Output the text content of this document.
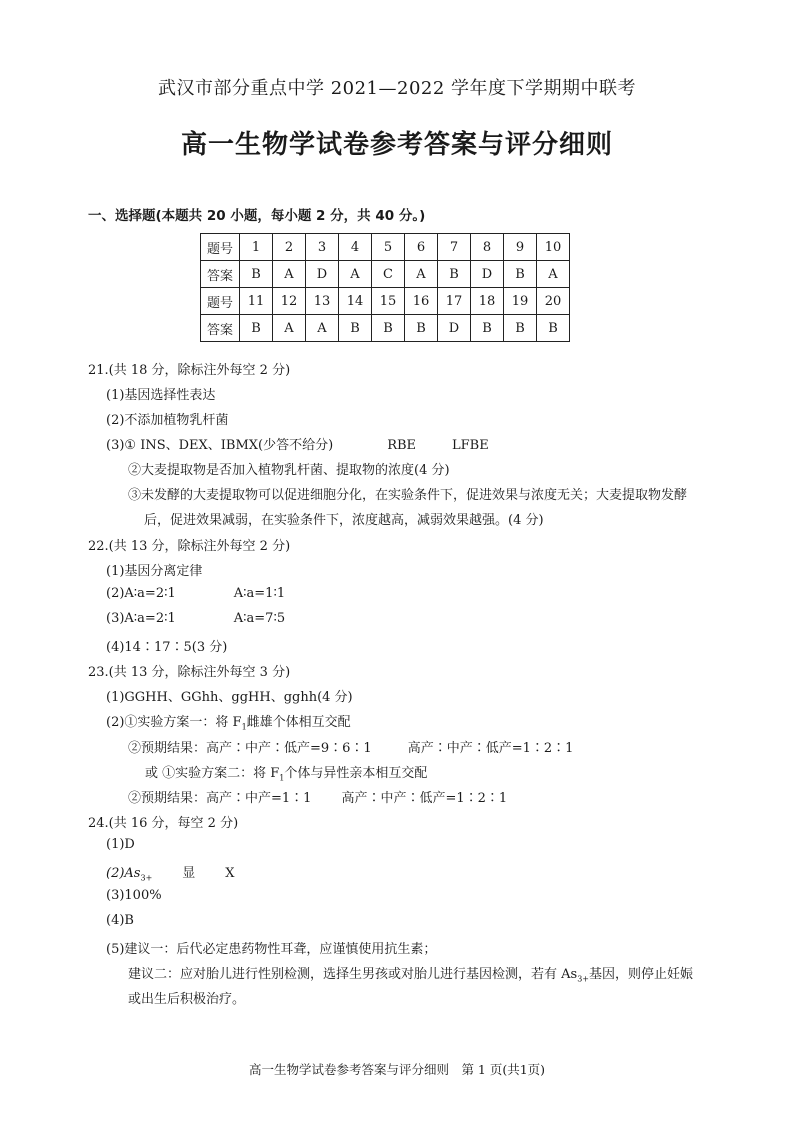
武汉市部分重点中学 2021—2022 学年度下学期期中联考
高一生物学试卷参考答案与评分细则
一、选择题(本题共 20 小题，每小题 2 分，共 40 分。)
题号	1	2	3	4	5	6	7	8	9	10
答案	B	A	D	A	C	A	B	D	B	A
题号	11	12	13	14	15	16	17	18	19	20
答案	B	A	A	B	B	B	D	B	B	B
21.(共 18 分，除标注外每空 2 分)
(1)基因选择性表达
(2)不添加植物乳杆菌
(3)① INS、DEX、IBMX(少答不给分)	RBE	LFBE
②大麦提取物是否加入植物乳杆菌、提取物的浓度(4 分)
③未发酵的大麦提取物可以促进细胞分化，在实验条件下，促进效果与浓度无关；大麦提取物发酵
后，促进效果减弱，在实验条件下，浓度越高，减弱效果越强。(4 分)
22.(共 13 分，除标注外每空 2 分)
(1)基因分离定律
(2)A∶a=2∶1	A∶a=1∶1
(3)A∶a=2∶1	A∶a=7∶5
(4)14∶17∶5(3 分)
23.(共 13 分，除标注外每空 3 分)
(1)GGHH、GGhh、ggHH、gghh(4 分)
(2)①实验方案一：将 $F_1$雌雄个体相互交配
②预期结果：高产∶中产∶低产=9∶6∶1	高产∶中产∶低产=1∶2∶1
或 ①实验方案二：将 $F_1$个体与异性亲本相互交配
②预期结果：高产∶中产=1∶1 高产∶中产∶低产=1∶2∶1
24.(共 16 分，每空 2 分)
(1)D
$(2)As_{3+}$ 显 X
(3)100%
(4)B
(5)建议一：后代必定患药物性耳聋，应谨慎使用抗生素；
建议二：应对胎儿进行性别检测，选择生男孩或对胎儿进行基因检测，若有 $As_{3+}$基因，则停止妊娠
或出生后积极治疗。
高一生物学试卷参考答案与评分细则　第 1 页(共1页)
